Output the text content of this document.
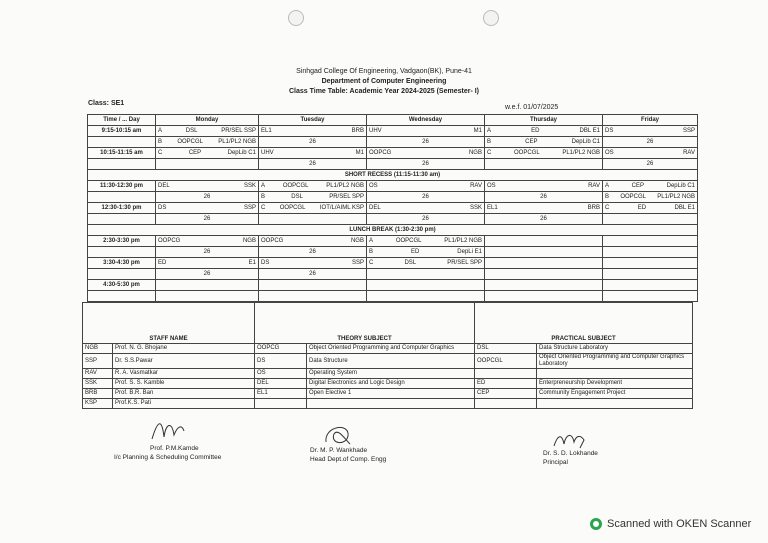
Sinhgad College Of Engineering, Vadgaon(BK), Pune-41
Department of Computer Engineering
Class Time Table: Academic Year 2024-2025 (Semester- I)
Class: SE1
w.e.f. 01/07/2025
Time / ... Day	Monday	Tuesday	Wednesday	Thursday	Friday
9:15-10:15 am	A DSL PR/SEL SSP	EL1 BRB	UHV M1	A ED DBL E1	DS SSP

	B OOPCGL PL1/PL2 NGB	26	26	B CEP DepLib C1	26

10:15-11:15 am	C CEP DepLib C1	UHV M1	OOPCG NGB	C OOPCGL PL1/PL2 NGB	OS RAV

		26	26		26

SHORT RECESS (11:15-11:30 am)					
11:30-12:30 pm	DEL SSK	A OOPCGL PL1/PL2 NGB	OS RAV	OS RAV	A CEP DepLib C1

	26	B DSL PR/SEL SPP	26	26	B OOPCGL PL1/PL2 NGB

12:30-1:30 pm	DS SSP	C OOPCGL IOT/L/AIML KSP	DEL SSK	EL1 BRB	C ED DBL E1

	26		26	26	

LUNCH BREAK (1:30-2:30 pm)					
2:30-3:30 pm	OOPCG NGB	OOPCG NGB	A OOPCGL PL1/PL2 NGB		

	26	26	B ED DepLi E1		

3:30-4:30 pm	ED E1	DS SSP	C DSL PR/SEL SPP		

	26	26			

4:30-5:30 pm	

STAFF NAME		THEORY SUBJECT		PRACTICAL SUBJECT	
NGB	Prof. N. G. Bhojane	OOPCG	Object Oriented Programming and Computer Graphics	DSL	Data Structure Laboratory
SSP	Dr. S.S.Pawar	DS	Data Structure	OOPCGL	Object Oriented Programming and Computer Graphics Laboratory
RAV	R. A. Vasmatkar	OS	Operating System		
SSK	Prof. S. S. Kamble	DEL	Digital Electronics and Logic Design	ED	Enterpreneurship Development
BRB	Prof. B.R. Ban	EL1	Open Elective 1	CEP	Community Engagement Project
KSP	Prof.K.S. Pati				
Prof. P.M.Kamde
I/c Planning & Scheduling Committee
Dr. M. P. Wankhade
Head Dept.of Comp. Engg
Dr. S. D. Lokhande
Principal
Scanned with OKEN Scanner
